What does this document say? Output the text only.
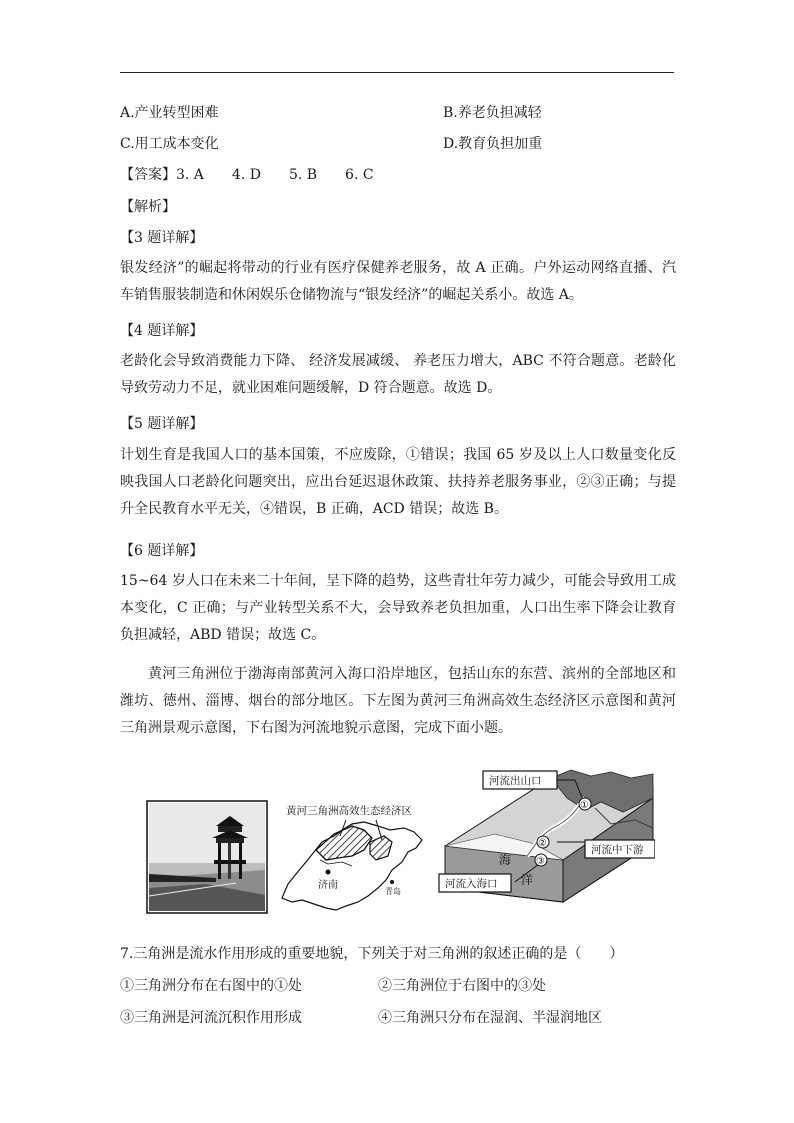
A.产业转型困难	B.养老负担减轻
C.用工成本变化	D.教育负担加重
【答案】3. A　　4. D　　5. B　　6. C
【解析】
【3 题详解】
银发经济”的崛起将带动的行业有医疗保健养老服务，故 A 正确。户外运动网络直播、汽车销售服装制造和休闲娱乐仓储物流与“银发经济”的崛起关系小。故选 A。
【4 题详解】
老龄化会导致消费能力下降、 经济发展减缓、 养老压力增大，ABC 不符合题意。老龄化导致劳动力不足，就业困难问题缓解，D 符合题意。故选 D。
【5 题详解】
计划生育是我国人口的基本国策，不应废除，①错误；我国 65 岁及以上人口数量变化反映我国人口老龄化问题突出，应出台延迟退休政策、扶持养老服务事业，②③正确；与提升全民教育水平无关，④错误，B 正确，ACD 错误；故选 B。
【6 题详解】
15~64 岁人口在未来二十年间，呈下降的趋势，这些青壮年劳力减少，可能会导致用工成本变化，C 正确；与产业转型关系不大，会导致养老负担加重，人口出生率下降会让教育负担减轻，ABD 错误；故选 C。
黄河三角洲位于渤海南部黄河入海口沿岸地区，包括山东的东营、滨州的全部地区和潍坊、德州、淄博、烟台的部分地区。下左图为黄河三角洲高效生态经济区示意图和黄河三角洲景观示意图，下右图为河流地貌示意图，完成下面小题。
黄河三角洲高效生态经济区
济南
青岛
①
②
③
海
洋
河流出山口
河流中下游
河流入海口
7.三角洲是流水作用形成的重要地貌，下列关于对三角洲的叙述正确的是（　　）
①三角洲分布在右图中的①处	②三角洲位于右图中的③处
③三角洲是河流沉积作用形成	④三角洲只分布在湿润、半湿润地区
